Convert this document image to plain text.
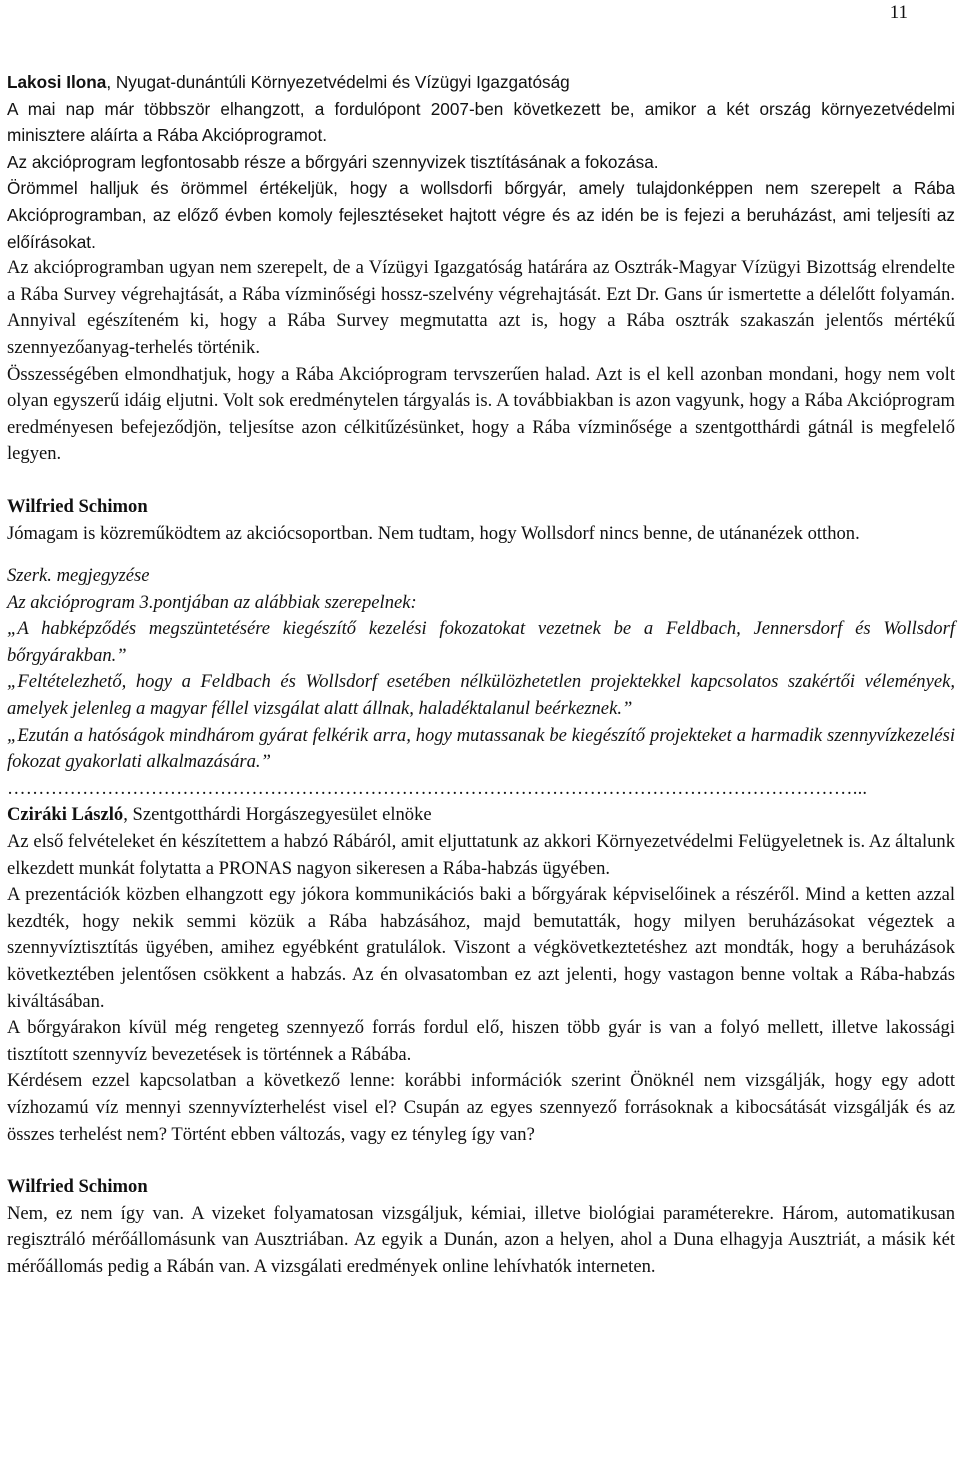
11

Lakosi Ilona, Nyugat-dunántúli Környezetvédelmi és Vízügyi Igazgatóság

A mai nap már többször elhangzott, a fordulópont 2007-ben következett be, amikor a két ország környezetvédelmi minisztere aláírta a Rába Akcióprogramot.

Az akcióprogram legfontosabb része a bőrgyári szennyvizek tisztításának a fokozása.

Örömmel halljuk és örömmel értékeljük, hogy a wollsdorfi bőrgyár, amely tulajdonképpen nem szerepelt a Rába Akcióprogramban, az előző évben komoly fejlesztéseket hajtott végre és az idén be is fejezi a beruházást, ami teljesíti az előírásokat.

Az akcióprogramban ugyan nem szerepelt, de a Vízügyi Igazgatóság határára az Osztrák-Magyar Vízügyi Bizottság elrendelte a Rába Survey végrehajtását, a Rába vízminőségi hossz-szelvény végrehajtását. Ezt Dr. Gans úr ismertette a délelőtt folyamán. Annyival egészíteném ki, hogy a Rába Survey megmutatta azt is, hogy a Rába osztrák szakaszán jelentős mértékű szennyezőanyag-terhelés történik.

Összességében elmondhatjuk, hogy a Rába Akcióprogram tervszerűen halad. Azt is el kell azonban mondani, hogy nem volt olyan egyszerű idáig eljutni. Volt sok eredménytelen tárgyalás is. A továbbiakban is azon vagyunk, hogy a Rába Akcióprogram eredményesen befejeződjön, teljesítse azon célkitűzésünket, hogy a Rába vízminősége a szentgotthárdi gátnál is megfelelő legyen.

Wilfried Schimon

Jómagam is közreműködtem az akciócsoportban. Nem tudtam, hogy Wollsdorf nincs benne, de utánanézek otthon.

Szerk. megjegyzése

Az akcióprogram 3.pontjában az alábbiak szerepelnek:

„A habképződés megszüntetésére kiegészítő kezelési fokozatokat vezetnek be a Feldbach, Jennersdorf és Wollsdorf bőrgyárakban.”

„Feltételezhető, hogy a Feldbach és Wollsdorf esetében nélkülözhetetlen projektekkel kapcsolatos szakértői vélemények, amelyek jelenleg a magyar féllel vizsgálat alatt állnak, haladéktalanul beérkeznek.”

„Ezután a hatóságok mindhárom gyárat felkérik arra, hogy mutassanak be kiegészítő projekteket a harmadik szennyvízkezelési fokozat gyakorlati alkalmazására.”

………………………………………………………………………………………………………………………...

Cziráki László, Szentgotthárdi Horgászegyesület elnöke

Az első felvételeket én készítettem a habzó Rábáról, amit eljuttatunk az akkori Környezetvédelmi Felügyeletnek is. Az általunk elkezdett munkát folytatta a PRONAS nagyon sikeresen a Rába-habzás ügyében.

A prezentációk közben elhangzott egy jókora kommunikációs baki a bőrgyárak képviselőinek a részéről. Mind a ketten azzal kezdték, hogy nekik semmi közük a Rába habzásához, majd bemutatták, hogy milyen beruházásokat végeztek a szennyvíztisztítás ügyében, amihez egyébként gratulálok. Viszont a végkövetkeztetéshez azt mondták, hogy a beruházások következtében jelentősen csökkent a habzás. Az én olvasatomban ez azt jelenti, hogy vastagon benne voltak a Rába-habzás kiváltásában.

A bőrgyárakon kívül még rengeteg szennyező forrás fordul elő, hiszen több gyár is van a folyó mellett, illetve lakossági tisztított szennyvíz bevezetések is történnek a Rábába.

Kérdésem ezzel kapcsolatban a következő lenne: korábbi információk szerint Önöknél nem vizsgálják, hogy egy adott vízhozamú víz mennyi szennyvízterhelést visel el? Csupán az egyes szennyező forrásoknak a kibocsátását vizsgálják és az összes terhelést nem? Történt ebben változás, vagy ez tényleg így van?

Wilfried Schimon

Nem, ez nem így van. A vizeket folyamatosan vizsgáljuk, kémiai, illetve biológiai paraméterekre. Három, automatikusan regisztráló mérőállomásunk van Ausztriában. Az egyik a Dunán, azon a helyen, ahol a Duna elhagyja Ausztriát, a másik két mérőállomás pedig a Rábán van. A vizsgálati eredmények online lehívhatók interneten.
